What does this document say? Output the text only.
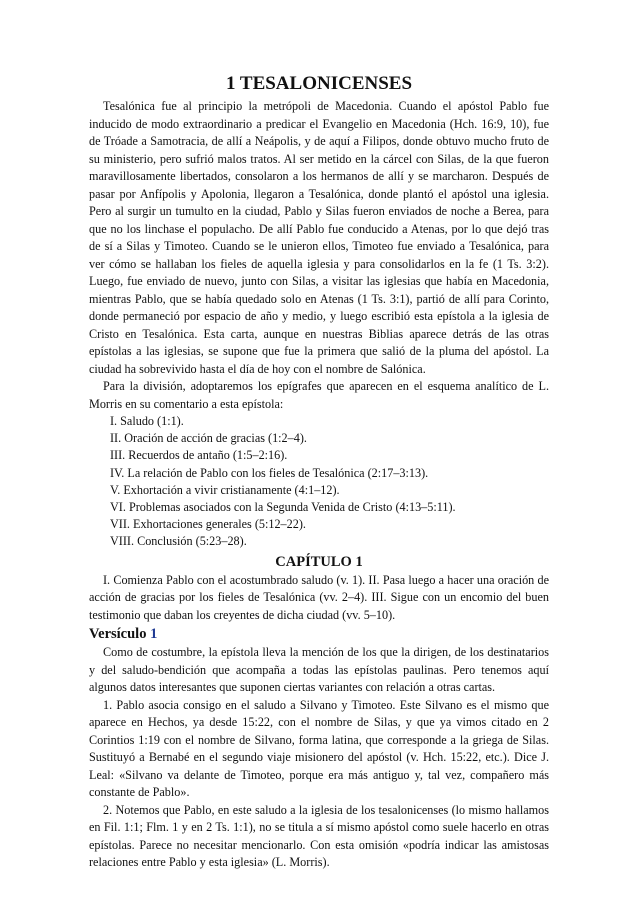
1 TESALONICENSES

Tesalónica fue al principio la metrópoli de Macedonia. Cuando el apóstol Pablo fue inducido de modo extraordinario a predicar el Evangelio en Macedonia (Hch. 16:9, 10), fue de Tróade a Samotracia, de allí a Neápolis, y de aquí a Filipos, donde obtuvo mucho fruto de su ministerio, pero sufrió malos tratos. Al ser metido en la cárcel con Silas, de la que fueron maravillosamente libertados, consolaron a los hermanos de allí y se marcharon. Después de pasar por Anfípolis y Apolonia, llegaron a Tesalónica, donde plantó el apóstol una iglesia. Pero al surgir un tumulto en la ciudad, Pablo y Silas fueron enviados de noche a Berea, para que no los linchase el populacho. De allí Pablo fue conducido a Atenas, por lo que dejó tras de sí a Silas y Timoteo. Cuando se le unieron ellos, Timoteo fue enviado a Tesalónica, para ver cómo se hallaban los fieles de aquella iglesia y para consolidarlos en la fe (1 Ts. 3:2). Luego, fue enviado de nuevo, junto con Silas, a visitar las iglesias que había en Macedonia, mientras Pablo, que se había quedado solo en Atenas (1 Ts. 3:1), partió de allí para Corinto, donde permaneció por espacio de año y medio, y luego escribió esta epístola a la iglesia de Cristo en Tesalónica. Esta carta, aunque en nuestras Biblias aparece detrás de las otras epístolas a las iglesias, se supone que fue la primera que salió de la pluma del apóstol. La ciudad ha sobrevivido hasta el día de hoy con el nombre de Salónica.

Para la división, adoptaremos los epígrafes que aparecen en el esquema analítico de L. Morris en su comentario a esta epístola:

I. Saludo (1:1).
II. Oración de acción de gracias (1:2–4).
III. Recuerdos de antaño (1:5–2:16).
IV. La relación de Pablo con los fieles de Tesalónica (2:17–3:13).
V. Exhortación a vivir cristianamente (4:1–12).
VI. Problemas asociados con la Segunda Venida de Cristo (4:13–5:11).
VII. Exhortaciones generales (5:12–22).
VIII. Conclusión (5:23–28).
CAPÍTULO 1

I. Comienza Pablo con el acostumbrado saludo (v. 1). II. Pasa luego a hacer una oración de acción de gracias por los fieles de Tesalónica (vv. 2–4). III. Sigue con un encomio del buen testimonio que daban los creyentes de dicha ciudad (vv. 5–10).

Versículo 1

Como de costumbre, la epístola lleva la mención de los que la dirigen, de los destinatarios y del saludo-bendición que acompaña a todas las epístolas paulinas. Pero tenemos aquí algunos datos interesantes que suponen ciertas variantes con relación a otras cartas.

1. Pablo asocia consigo en el saludo a Silvano y Timoteo. Este Silvano es el mismo que aparece en Hechos, ya desde 15:22, con el nombre de Silas, y que ya vimos citado en 2 Corintios 1:19 con el nombre de Silvano, forma latina, que corresponde a la griega de Silas. Sustituyó a Bernabé en el segundo viaje misionero del apóstol (v. Hch. 15:22, etc.). Dice J. Leal: «Silvano va delante de Timoteo, porque era más antiguo y, tal vez, compañero más constante de Pablo».

2. Notemos que Pablo, en este saludo a la iglesia de los tesalonicenses (lo mismo hallamos en Fil. 1:1; Flm. 1 y en 2 Ts. 1:1), no se titula a sí mismo apóstol como suele hacerlo en otras epístolas. Parece no necesitar mencionarlo. Con esta omisión «podría indicar las amistosas relaciones entre Pablo y esta iglesia» (L. Morris).
